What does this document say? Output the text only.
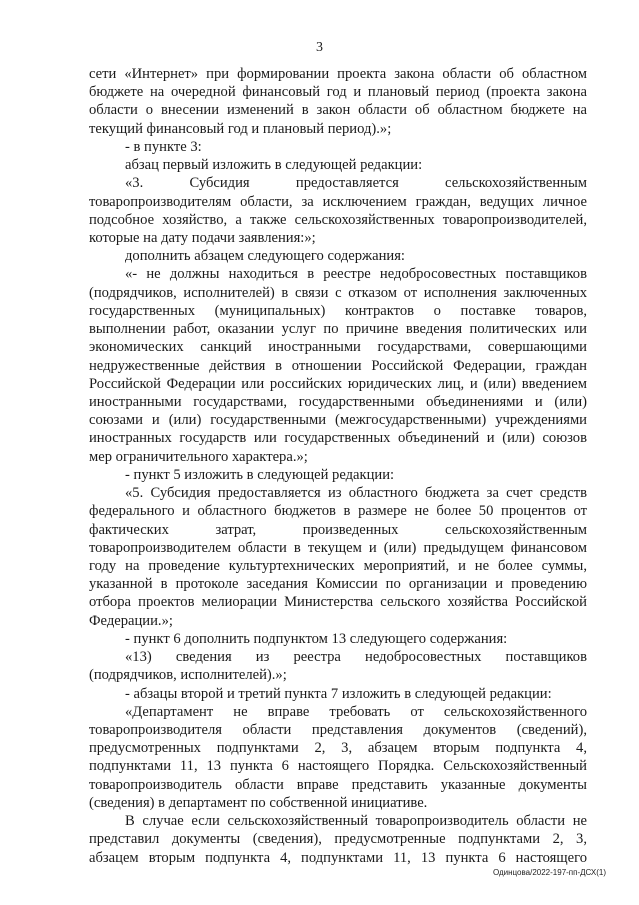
3
сети «Интернет» при формировании проекта закона области об областном
бюджете на очередной финансовый год и плановый период (проекта закона
области о внесении изменений в закон области об областном бюджете на
текущий финансовый год и плановый период).»;
- в пункте 3:
абзац первый изложить в следующей редакции:
«3. Субсидия предоставляется сельскохозяйственным
товаропроизводителям области, за исключением граждан, ведущих личное
подсобное хозяйство, а также сельскохозяйственных товаропроизводителей,
которые на дату подачи заявления:»;
дополнить абзацем следующего содержания:
«- не должны находиться в реестре недобросовестных поставщиков
(подрядчиков, исполнителей) в связи с отказом от исполнения заключенных
государственных (муниципальных) контрактов о поставке товаров,
выполнении работ, оказании услуг по причине введения политических или
экономических санкций иностранными государствами, совершающими
недружественные действия в отношении Российской Федерации, граждан
Российской Федерации или российских юридических лиц, и (или) введением
иностранными государствами, государственными объединениями и (или)
союзами и (или) государственными (межгосударственными) учреждениями
иностранных государств или государственных объединений и (или) союзов
мер ограничительного характера.»;
- пункт 5 изложить в следующей редакции:
«5. Субсидия предоставляется из областного бюджета за счет средств
федерального и областного бюджетов в размере не более 50 процентов от
фактических затрат, произведенных сельскохозяйственным
товаропроизводителем области в текущем и (или) предыдущем финансовом
году на проведение культуртехнических мероприятий, и не более суммы,
указанной в протоколе заседания Комиссии по организации и проведению
отбора проектов мелиорации Министерства сельского хозяйства Российской
Федерации.»;
- пункт 6 дополнить подпунктом 13 следующего содержания:
«13) сведения из реестра недобросовестных поставщиков
(подрядчиков, исполнителей).»;
- абзацы второй и третий пункта 7 изложить в следующей редакции:
«Департамент не вправе требовать от сельскохозяйственного
товаропроизводителя области представления документов (сведений),
предусмотренных подпунктами 2, 3, абзацем вторым подпункта 4,
подпунктами 11, 13 пункта 6 настоящего Порядка. Сельскохозяйственный
товаропроизводитель области вправе представить указанные документы
(сведения) в департамент по собственной инициативе.
В случае если сельскохозяйственный товаропроизводитель области не
представил документы (сведения), предусмотренные подпунктами 2, 3,
абзацем вторым подпункта 4, подпунктами 11, 13 пункта 6 настоящего
Одинцова/2022-197-пп-ДСХ(1)
